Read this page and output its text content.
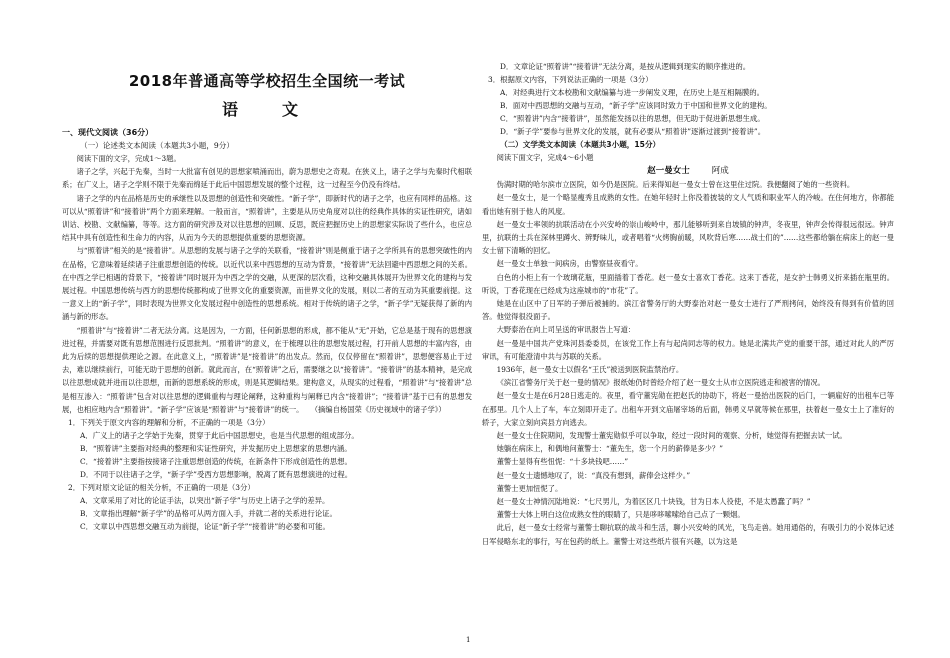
2018年普通高等学校招生全国统一考试
语　文
一、现代文阅读（36分）
（一）论述类文本阅读（本题共3小题，9分）
阅读下面的文字，完成1～3题。
诸子之学，兴起于先秦，当时一大批富有创见的思想家喷涌而出，蔚为思想史之奇观。在狭义上，诸子之学与先秦时代相联系；在广义上，诸子之学则不限于先秦而绵延于此后中国思想发展的整个过程，这一过程至今仍没有终结。
诸子之学的内在品格是历史的承继性以及思想的创造性和突破性。“新子学”，即新时代的诸子之学，也应有同样的品格。这可以从“照着讲”和“接着讲”两个方面来理解。一般而言，“照着讲”，主要是从历史角度对以往的经典作具体的实证性研究，诸如训诂、校勘、文献编纂，等等。这方面的研究涉及对以往思想的回顾、反思，既应把握历史上的思想家实际说了些什么，也应总结其中具有创造性和生命力的内容，从而为今天的思想提供重要的思想资源。
与“照着讲”相关的是“接着讲”。从思想的发展与诸子之学的关联看，“接着讲”则是侧重于诸子之学所具有的思想突破性的内在品格，它意味着延续诸子注重思想创造的传统。以近代以来中西思想的互动为背景，“接着讲”无法回避中西思想之间的关系。在中西之学已相遇的背景下，“接着讲”同时展开为中西之学的交融，从更深的层次看，这种交融具体展开为世界文化的建构与发展过程。中国思想传统与西方的思想传统都构成了世界文化的重要资源，而世界文化的发展，则以二者的互动为其重要前提。这一意义上的“新子学”，同时表现为世界文化发展过程中创造性的思想系统。相对于传统的诸子之学，“新子学”无疑获得了新的内涵与新的形态。
“照着讲”与“接着讲”二者无法分离。这是因为，一方面，任何新思想的形成，都不能从“无”开始，它总是基于现有的思想演进过程，并需要对既有思想范围进行反思批判。“照着讲”的意义，在于梳理以往的思想发展过程，打开前人思想的丰富内容，由此为后续的思想提供理论之源。在此意义上，“照着讲”是“接着讲”的出发点。然而，仅仅停留在“照着讲”，思想便容易止于过去，难以继续前行，可能无助于思想的创新。就此而言，在“照着讲”之后，需要继之以“接着讲”。“接着讲”的基本精神，是完成以往思想成就并进而以往思想，而新的思想系统的形成，则是其逻辑结果。建构意义，从现实的过程看，“照着讲”与“接着讲”总是相互渗入：“照着讲”包含对以往思想的逻辑重构与理论阐释，这种重构与阐释已内含“接着讲”；“接着讲”基于已有的思想发展，也相应地内含“照着讲”。“新子学”应该是“照着讲”与“接着讲”的统一。　　（摘编自杨国荣《历史视域中的诸子学》）
1．下列关于原文内容的理解和分析，不正确的一项是（3分）
A．广义上的诸子之学始于先秦，贯穿于此后中国思想史，也是当代思想的组成部分。
B．“照着讲”主要指对经典的整理和实证性研究，并发掘历史上思想家的思想内涵。
C．“接着讲”主要指按接诸子注重思想创造的传统，在新条件下形成创造性的思想。
D．不同于以往诸子之学，“新子学”受西方思想影响，脱离了既有思想演进的过程。
2．下列对原文论证的相关分析，不正确的一项是（3分）
A．文章采用了对比的论证手法，以突出“新子学”与历史上诸子之学的差异。
B．文章指出理解“新子学”的品格可从两方面入手，并就二者的关系进行论证。
C．文章以中西思想交融互动为前提，论证“新子学”“接着讲”的必要和可能。
D．文章论证“照着讲”“接着讲”无法分离，是按从逻辑到现实的顺序推进的。
3．根据原文内容，下列说法正确的一项是（3分）
A．对经典进行文本校勘和文献编纂与进一步阐发义理，在历史上是互相隔膜的。
B．面对中西思想的交融与互动，“新子学”应该同时致力于中国和世界文化的建构。
C．“照着讲”内含“接着讲”，虽然能发扬以往的思想，但无助于促进新思想生成。
D．“新子学”要参与世界文化的发展，就有必要从“照着讲”逐渐过渡到“接着讲”。
（二）文学类文本阅读（本题共3小题，15分）
阅读下面文字，完成4～6小题
赵一曼女士	阿成
伪满时期的哈尔滨市立医院，如今仍是医院。后来得知赵一曼女士曾在这里住过院。我便翻阅了她的一些资料。
赵一曼女士，是一个略显瘦秀且成熟的女性。在她年轻时上你没着披装的文人气质和职业军人的冷峻。在住何地方，你都能看出她有别于他人的风度。
赵一曼女士率领的抗联活动在小兴安岭的崇山峻岭中，那儿能够听到来自坡镇的钟声，冬夜里，钟声会传得很远很远。钟声里，抗联的士兵在深林里蹲火、辨野味儿，或者唱着“火烤胸前暖，风吹背后寒……战士们的”……这些都给躺在病床上的赵一曼女士留下清晰的回忆。
赵一曼女士单独一间病房，由警察昼夜看守。
白色的小柜上有一个玻璃花瓶，里面插着丁香花。赵一曼女士喜欢丁香花。这来丁香花，是女护士韩勇义折来插在瓶里的。听说，丁香花现在已经成为这座城市的“市花”了。
她是在山区中了日军的子弹后被捕的。滨江省警务厅的大野泰治对赵一曼女士进行了严刑拷问，始终没有得到有价值的回答。他觉得很没面子。
大野泰治在向上司呈送的审讯报告上写道：
赵一曼是中国共产党珠河县委委员，在该党工作上有与起尚同志等的权力。她是北满共产党的重要干部，通过对此人的严厉审讯，有可能澄清中共与苏联的关系。
1936年，赵一曼女士以假名“王氏”被送到医院监禁治疗。
《滨江省警务厅关于赵一曼的情况》报纸她仍时曾经介绍了赵一曼女士从市立医院逃走和被害的情况。
赵一曼女士是在6月28日逃走的。夜里，看守董宪勋在把赵氏的协助下，将赵一曼抬出医院的后门，一辆雇好的出租车已等在那里。几个人上了车，车立刻即开走了。出租车开到文庙屠宰场的后面，韩勇义早就等候在那里，扶着赵一曼女士上了准好的轿子，大家立刻向宾县方向逃去。
赵一曼女士住院期间，发现警士董宪勋似乎可以争取，经过一段时间的观察、分析，她觉得有把握去试一试。
她躺在病床上，和偶地问董警士：“董先生，您一个月的薪俸是多少？”
董警士显得有些忸怩：“十多块钱吧……”
赵一曼女士遗憾地叹了，说：“真没有想到，薪俸会这样少。”
董警士更加忸怩了。
赵一曼女士神情沉陆地说：“七尺男儿，为着区区几十块钱，甘为日本人役使，不是太愚蠢了吗？”
董警士大体上明白这位成熟女性的眼睛了，只是哆哆嗦嗦给自己点了一颗烟。
此后，赵一曼女士经常与董警士聊抗联的战斗和生活，聊小兴安岭的风光，飞鸟走兽。她用通俗的，有吸引力的小说体记述日军侵略东北的事行，写在包药的纸上。董警士对这些纸片很有兴趣，以为这是
1
